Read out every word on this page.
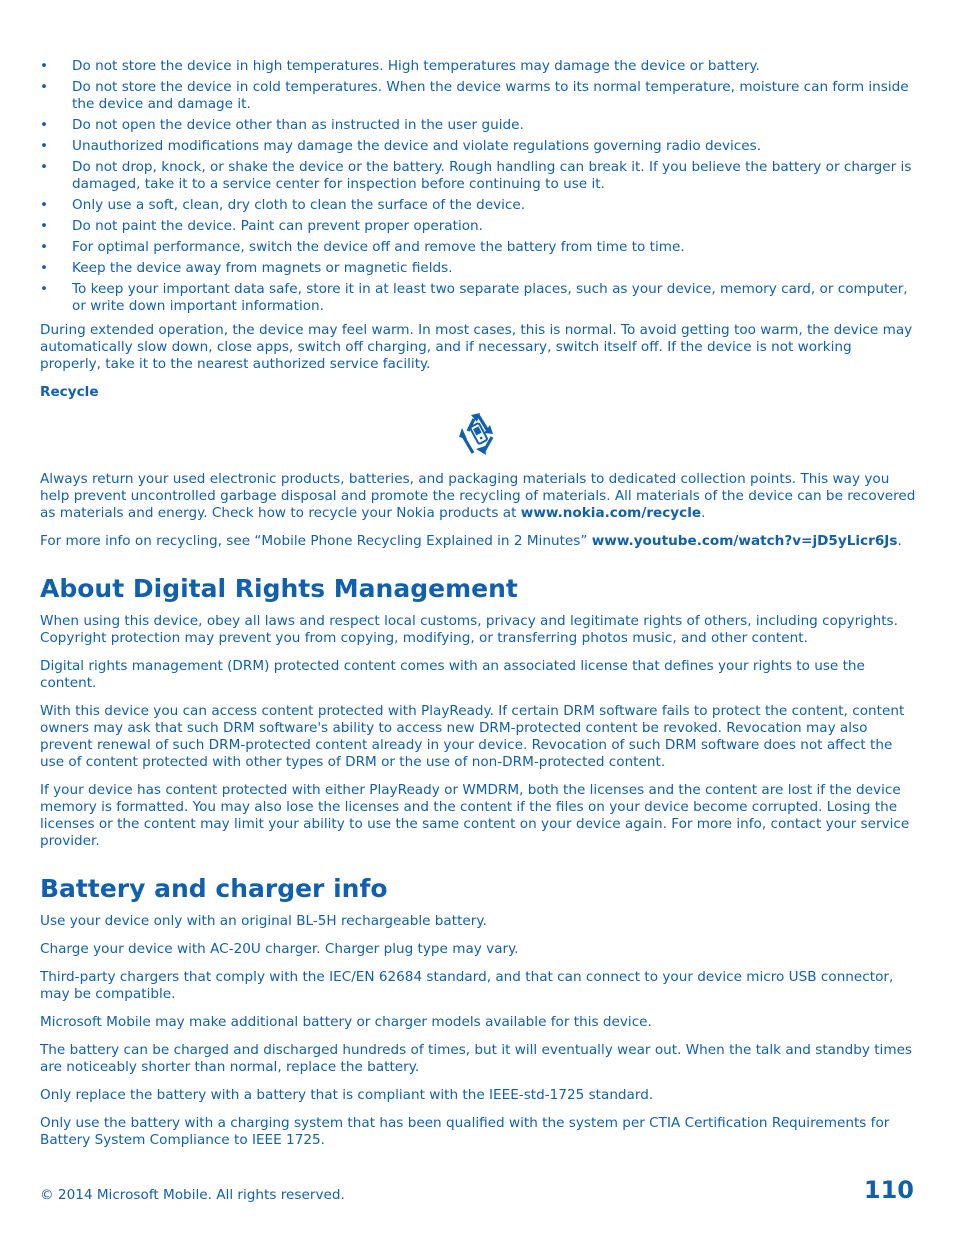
• Do not store the device in high temperatures. High temperatures may damage the device or battery.
• Do not store the device in cold temperatures. When the device warms to its normal temperature, moisture can form inside the device and damage it.
• Do not open the device other than as instructed in the user guide.
• Unauthorized modifications may damage the device and violate regulations governing radio devices.
• Do not drop, knock, or shake the device or the battery. Rough handling can break it. If you believe the battery or charger is damaged, take it to a service center for inspection before continuing to use it.
• Only use a soft, clean, dry cloth to clean the surface of the device.
• Do not paint the device. Paint can prevent proper operation.
• For optimal performance, switch the device off and remove the battery from time to time.
• Keep the device away from magnets or magnetic fields.
• To keep your important data safe, store it in at least two separate places, such as your device, memory card, or computer, or write down important information.

During extended operation, the device may feel warm. In most cases, this is normal. To avoid getting too warm, the device may automatically slow down, close apps, switch off charging, and if necessary, switch itself off. If the device is not working properly, take it to the nearest authorized service facility.

Recycle

Always return your used electronic products, batteries, and packaging materials to dedicated collection points. This way you help prevent uncontrolled garbage disposal and promote the recycling of materials. All materials of the device can be recovered as materials and energy. Check how to recycle your Nokia products at www.nokia.com/recycle.

For more info on recycling, see “Mobile Phone Recycling Explained in 2 Minutes” www.youtube.com/watch?v=jD5yLicr6Js.

About Digital Rights Management

When using this device, obey all laws and respect local customs, privacy and legitimate rights of others, including copyrights. Copyright protection may prevent you from copying, modifying, or transferring photos music, and other content.

Digital rights management (DRM) protected content comes with an associated license that defines your rights to use the content.

With this device you can access content protected with PlayReady. If certain DRM software fails to protect the content, content owners may ask that such DRM software's ability to access new DRM-protected content be revoked. Revocation may also prevent renewal of such DRM-protected content already in your device. Revocation of such DRM software does not affect the use of content protected with other types of DRM or the use of non-DRM-protected content.

If your device has content protected with either PlayReady or WMDRM, both the licenses and the content are lost if the device memory is formatted. You may also lose the licenses and the content if the files on your device become corrupted. Losing the licenses or the content may limit your ability to use the same content on your device again. For more info, contact your service provider.

Battery and charger info

Use your device only with an original BL-5H rechargeable battery.

Charge your device with AC-20U charger. Charger plug type may vary.

Third-party chargers that comply with the IEC/EN 62684 standard, and that can connect to your device micro USB connector, may be compatible.

Microsoft Mobile may make additional battery or charger models available for this device.

The battery can be charged and discharged hundreds of times, but it will eventually wear out. When the talk and standby times are noticeably shorter than normal, replace the battery.

Only replace the battery with a battery that is compliant with the IEEE-std-1725 standard.

Only use the battery with a charging system that has been qualified with the system per CTIA Certification Requirements for Battery System Compliance to IEEE 1725.

© 2014 Microsoft Mobile. All rights reserved.	110
